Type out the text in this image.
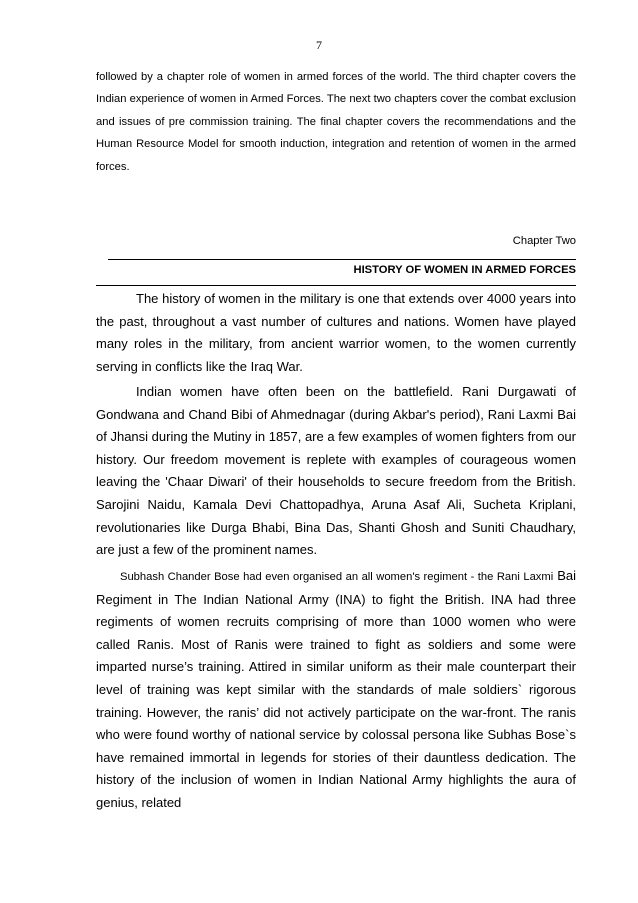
7

followed by a chapter role of women in armed forces of the world. The third chapter covers the Indian experience of women in Armed Forces. The next two chapters cover the combat exclusion and issues of pre commission training. The final chapter covers the recommendations and the Human Resource Model for smooth induction, integration and retention of women in the armed forces.

Chapter Two

HISTORY OF WOMEN IN ARMED FORCES

The history of women in the military is one that extends over 4000 years into the past, throughout a vast number of cultures and nations. Women have played many roles in the military, from ancient warrior women, to the women currently serving in conflicts like the Iraq War.

Indian women have often been on the battlefield. Rani Durgawati of Gondwana and Chand Bibi of Ahmednagar (during Akbar's period), Rani Laxmi Bai of Jhansi during the Mutiny in 1857, are a few examples of women fighters from our history. Our freedom movement is replete with examples of courageous women leaving the 'Chaar Diwari' of their households to secure freedom from the British. Sarojini Naidu, Kamala Devi Chattopadhya, Aruna Asaf Ali, Sucheta Kriplani, revolutionaries like Durga Bhabi, Bina Das, Shanti Ghosh and Suniti Chaudhary, are just a few of the prominent names.

Subhash Chander Bose had even organised an all women's regiment - the Rani Laxmi Bai Regiment in The Indian National Army (INA) to fight the British. INA had three regiments of women recruits comprising of more than 1000 women who were called Ranis. Most of Ranis were trained to fight as soldiers and some were imparted nurse’s training. Attired in similar uniform as their male counterpart their level of training was kept similar with the standards of male soldiers` rigorous training. However, the ranis’ did not actively participate on the war-front. The ranis who were found worthy of national service by colossal persona like Subhas Bose`s have remained immortal in legends for stories of their dauntless dedication. The history of the inclusion of women in Indian National Army highlights the aura of genius, related
